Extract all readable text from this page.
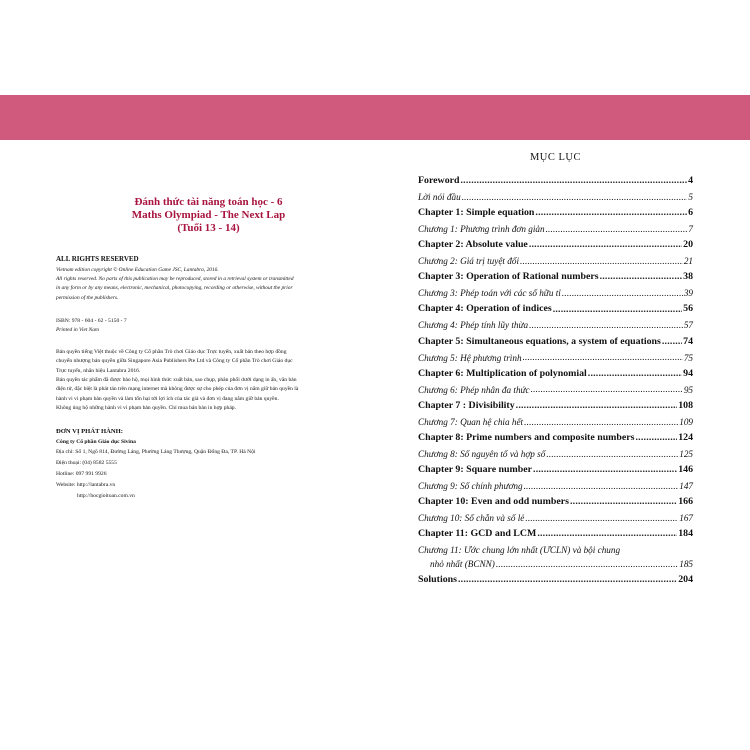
Đánh thức tài năng toán học - 6
Maths Olympiad - The Next Lap
(Tuổi 13 - 14)
ALL RIGHTS RESERVED

Vietnam edition copyright © Online Education Game JSC, Lantabra, 2016.

All rights reserved. No parts of this publication may be reproduced, stored in a retrieval system or transmitted

in any form or by any means, electronic, mechanical, photocopying, recording or otherwise, without the prior

permission of the publishers.

ISBN: 978 - 604 - 62 - 5150 - 7
Printed in Viet Nam

Bản quyền tiếng Việt thuộc về Công ty Cổ phần Trò chơi Giáo dục Trực tuyến, xuất bản theo hợp đồng

chuyển nhượng bản quyền giữa Singapore Asia Publishers Pte Ltd và Công ty Cổ phần Trò chơi Giáo dục

Trực tuyến, nhãn hiệu Lantabra 2016.

Bản quyền tác phẩm đã được bảo hộ, mọi hình thức xuất bản, sao chụp, phân phối dưới dạng in ấn, văn bản

điện tử, đặc biệt là phát tán trên mạng internet mà không được sự cho phép của đơn vị nắm giữ bản quyền là

hành vi vi phạm bản quyền và làm tổn hại tới lợi ích của tác giả và đơn vị đang nắm giữ bản quyền.

Không ủng hộ những hành vi vi phạm bản quyền. Chỉ mua bán bản in hợp pháp.

ĐƠN VỊ PHÁT HÀNH:

Công ty Cổ phần Giáo dục Sivina

Địa chỉ: Số 1, Ngõ 814, Đường Láng, Phường Láng Thượng, Quận Đống Đa, TP. Hà Nội

Điện thoại: (04) 8582 5555

Hotline: 097 991 9926

Website: http://lantabra.vn

http://hocgioitoan.com.vn

MỤC LỤC
Foreword .....	4
Lời nói đầu .....	5
Chapter 1: Simple equation .....	6
Chương 1: Phương trình đơn giản .....	7
Chapter 2: Absolute value .....	20
Chương 2: Giá trị tuyệt đối .....	21
Chapter 3: Operation of Rational numbers .....	38
Chương 3: Phép toán với các số hữu tỉ .....	39
Chapter 4: Operation of indices .....	56
Chương 4: Phép tính lũy thừa .....	57
Chapter 5: Simultaneous equations, a system of equations ..... 74
Chương 5: Hệ phương trình .....	75
Chapter 6: Multiplication of polynomial .....	94
Chương 6: Phép nhân đa thức .....	95
Chapter 7 : Divisibility .....	108
Chương 7: Quan hệ chia hết .....	109
Chapter 8: Prime numbers and composite numbers .....	124
Chương 8: Số nguyên tố và hợp số .....	125
Chapter 9: Square number .....	146
Chương 9: Số chính phương .....	147
Chapter 10: Even and odd numbers .....	166
Chương 10: Số chẵn và số lẻ .....	167
Chapter 11: GCD and LCM .....	184
Chương 11: Ước chung lớn nhất (ƯCLN) và bội chung
nhỏ nhất (BCNN) .....	185
Solutions .....	204
